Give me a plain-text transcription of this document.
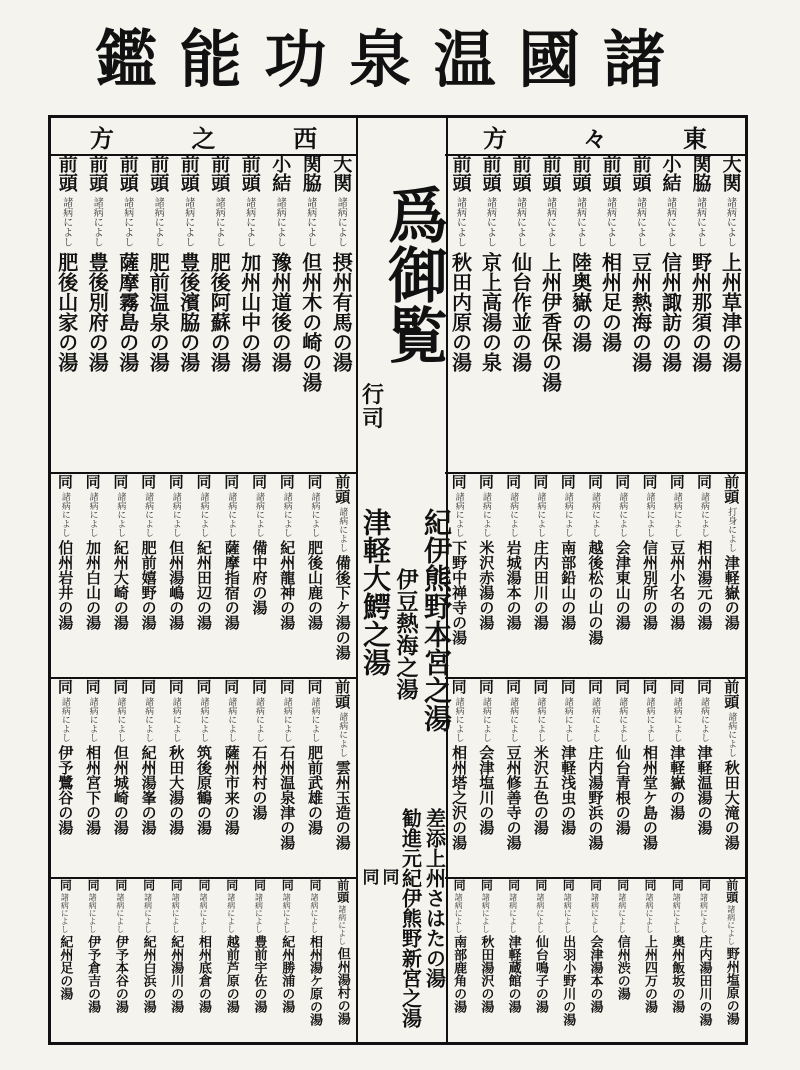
諸
國
温
泉
功
能
鑑
東
々
方
西
之
方
爲
御
覧
行
司
紀伊熊野本宮之湯
伊豆熱海之湯
津軽大鰐之湯
差添上州さはたの湯
勧進元紀伊熊野新宮之湯
同
同
大関
諸病によし
上州草津の湯
関脇
諸病によし
野州那須の湯
小結
諸病によし
信州諏訪の湯
前頭
諸病によし
豆州熱海の湯
前頭
諸病によし
相州足の湯
前頭
諸病によし
陸奥嶽の湯
前頭
諸病によし
上州伊香保の湯
前頭
諸病によし
仙台作並の湯
前頭
諸病によし
京上高湯の泉
前頭
諸病によし
秋田内原の湯
前頭
打身によし
津軽嶽の湯
同
諸病によし
相州湯元の湯
同
諸病によし
豆州小名の湯
同
諸病によし
信州別所の湯
同
諸病によし
会津東山の湯
同
諸病によし
越後松の山の湯
同
諸病によし
南部鉛山の湯
同
諸病によし
庄内田川の湯
同
諸病によし
岩城湯本の湯
同
諸病によし
米沢赤湯の湯
同
諸病によし
下野中禅寺の湯
前頭
諸病によし
秋田大滝の湯
同
諸病によし
津軽温湯の湯
同
諸病によし
津軽嶽の湯
同
諸病によし
相州堂ケ島の湯
同
諸病によし
仙台青根の湯
同
諸病によし
庄内湯野浜の湯
同
諸病によし
津軽浅虫の湯
同
諸病によし
米沢五色の湯
同
諸病によし
豆州修善寺の湯
同
諸病によし
会津塩川の湯
同
諸病によし
相州塔之沢の湯
前頭
諸病によし
野州塩原の湯
同
諸病によし
庄内湯田川の湯
同
諸病によし
奥州飯坂の湯
同
諸病によし
上州四万の湯
同
諸病によし
信州渋の湯
同
諸病によし
会津湯本の湯
同
諸病によし
出羽小野川の湯
同
諸病によし
仙台鳴子の湯
同
諸病によし
津軽蔵館の湯
同
諸病によし
秋田湯沢の湯
同
諸病によし
南部鹿角の湯
大関
諸病によし
摂州有馬の湯
関脇
諸病によし
但州木の崎の湯
小結
諸病によし
豫州道後の湯
前頭
諸病によし
加州山中の湯
前頭
諸病によし
肥後阿蘇の湯
前頭
諸病によし
豊後濱脇の湯
前頭
諸病によし
肥前温泉の湯
前頭
諸病によし
薩摩霧島の湯
前頭
諸病によし
豊後別府の湯
前頭
諸病によし
肥後山家の湯
前頭
諸病によし
備後下ケ湯の湯
同
諸病によし
肥後山鹿の湯
同
諸病によし
紀州龍神の湯
同
諸病によし
備中府の湯
同
諸病によし
薩摩指宿の湯
同
諸病によし
紀州田辺の湯
同
諸病によし
但州湯嶋の湯
同
諸病によし
肥前嬉野の湯
同
諸病によし
紀州大崎の湯
同
諸病によし
加州白山の湯
同
諸病によし
伯州岩井の湯
前頭
諸病によし
雲州玉造の湯
同
諸病によし
肥前武雄の湯
同
諸病によし
石州温泉津の湯
同
諸病によし
石州村の湯
同
諸病によし
薩州市来の湯
同
諸病によし
筑後原鶴の湯
同
諸病によし
秋田大湯の湯
同
諸病によし
紀州湯峯の湯
同
諸病によし
但州城崎の湯
同
諸病によし
相州宮下の湯
同
諸病によし
伊予鷺谷の湯
前頭
諸病によし
但州湯村の湯
同
諸病によし
相州湯ケ原の湯
同
諸病によし
紀州勝浦の湯
同
諸病によし
豊前宇佐の湯
同
諸病によし
越前芦原の湯
同
諸病によし
相州底倉の湯
同
諸病によし
紀州湯川の湯
同
諸病によし
紀州白浜の湯
同
諸病によし
伊予本谷の湯
同
諸病によし
伊予倉吉の湯
同
諸病によし
紀州足の湯
